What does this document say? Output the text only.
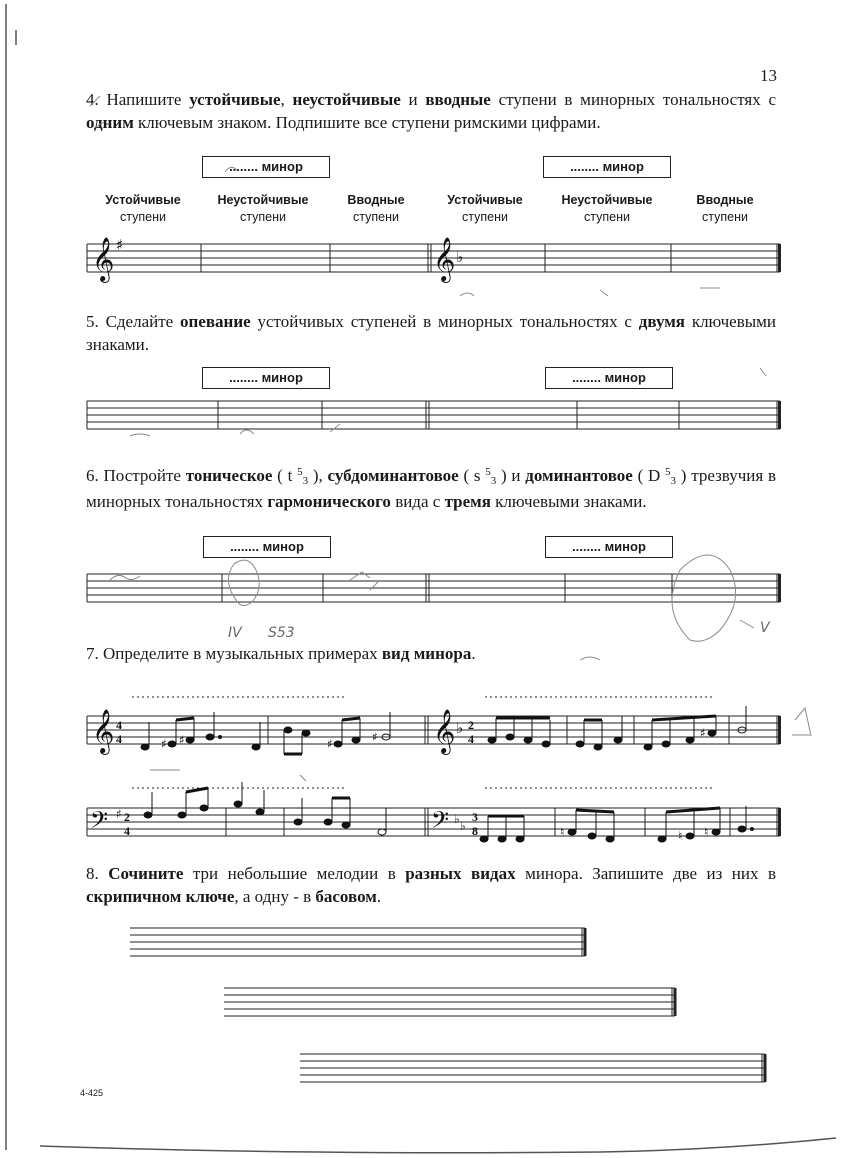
13
4. Напишите устойчивые, неустойчивые и вводные ступени в минорных тональностях с одним ключевым знаком. Подпишите все ступени римскими цифрами.
........ минор	........ минор
Устойчивые
ступени
Неустойчивые
ступени
Вводные
ступени
Устойчивые
ступени
Неустойчивые
ступени
Вводные
ступени
5. Сделайте опевание устойчивых ступеней в минорных тональностях с двумя ключевыми знаками.
........ минор	........ минор
6. Постройте тоническое ( t $^5$3 ), субдоминантовое ( s $^5$3 ) и доминантовое ( D $^5$3 ) трезвучия в минорных тональностях гармонического вида с тремя ключевыми знаками.
........ минор	........ минор
7. Определите в музыкальных примерах вид минора.
8. Сочините три небольшие мелодии в разных видах минора. Запишите две из них в скрипичном ключе, а одну - в басовом.
4-425
𝄞 ♯	𝄞 ♭
𝄞	𝄞 ♭
𝄢 ♯	𝄢 ♭ ♭
4
4
2
4
2
4
3
8
♯ ♯	♯	♯	♯
♮	♮ ♮
IV S53	V
